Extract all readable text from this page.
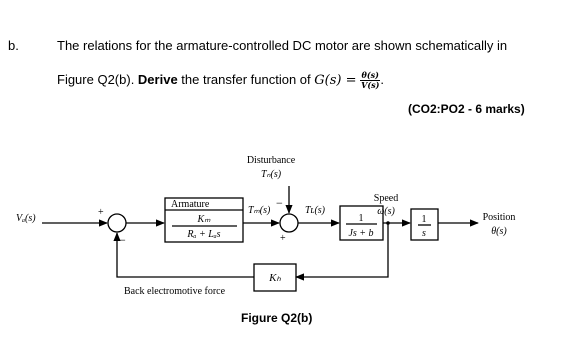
b.	The relations for the armature-controlled DC motor are shown schematically in
Figure Q2(b). Derive the transfer function of $G(s) = \frac{\theta(s)}{V(s)}$ .
(CO2:PO2 - 6 marks)
Vₐ(s)
+
−
Disturbance
Tₙ(s)
Armature
Kₘ
Rₐ + Lₐs
Tₘ(s)
−
+
Tʟ(s)
1
Js + b
Speed
ω(s)
1
s
Position
θ(s)
Kₕ
Back electromotive force
Figure Q2(b)
